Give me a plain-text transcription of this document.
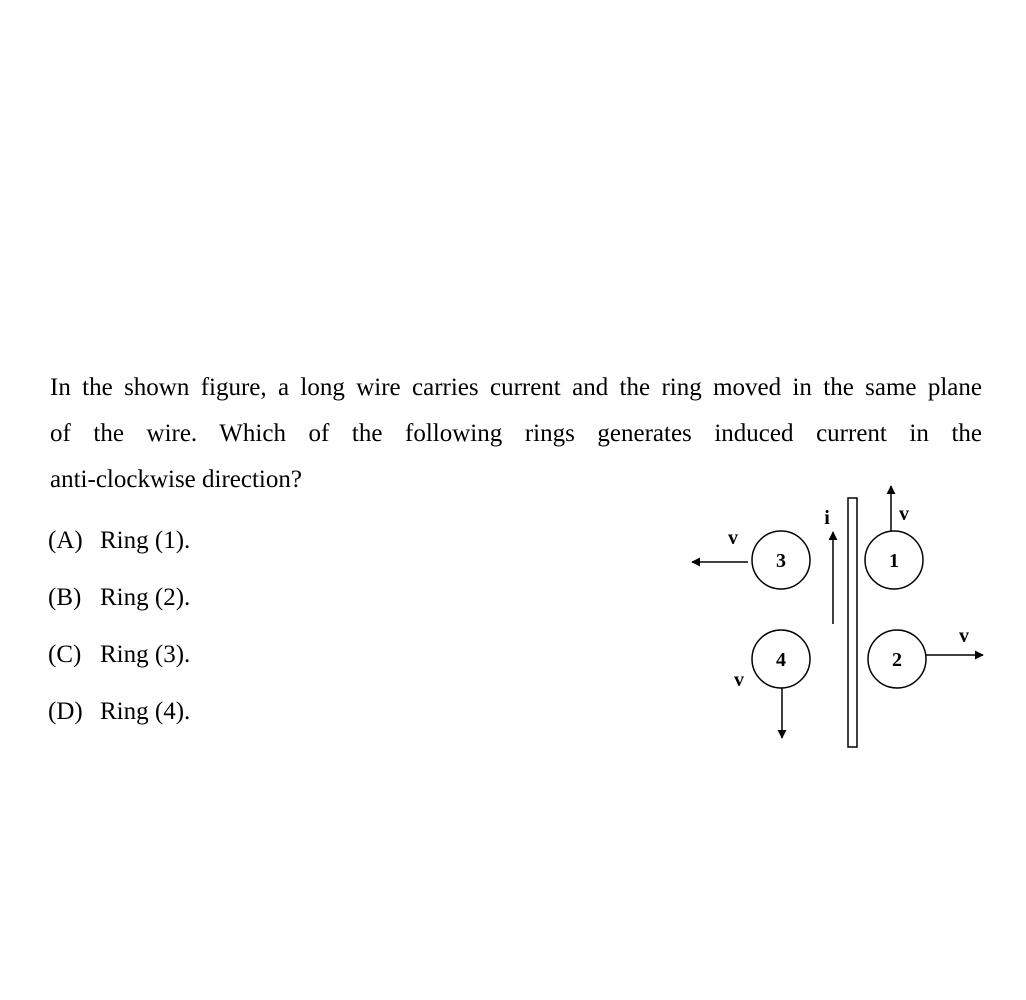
In the shown figure, a long wire carries current and the ring moved in the same plane
of the wire. Which of the following rings generates induced current in the
anti-clockwise direction?
(A) Ring (1).
(B) Ring (2).
(C) Ring (3).
(D) Ring (4).
i
1
v
2
v
3
v
4
v
